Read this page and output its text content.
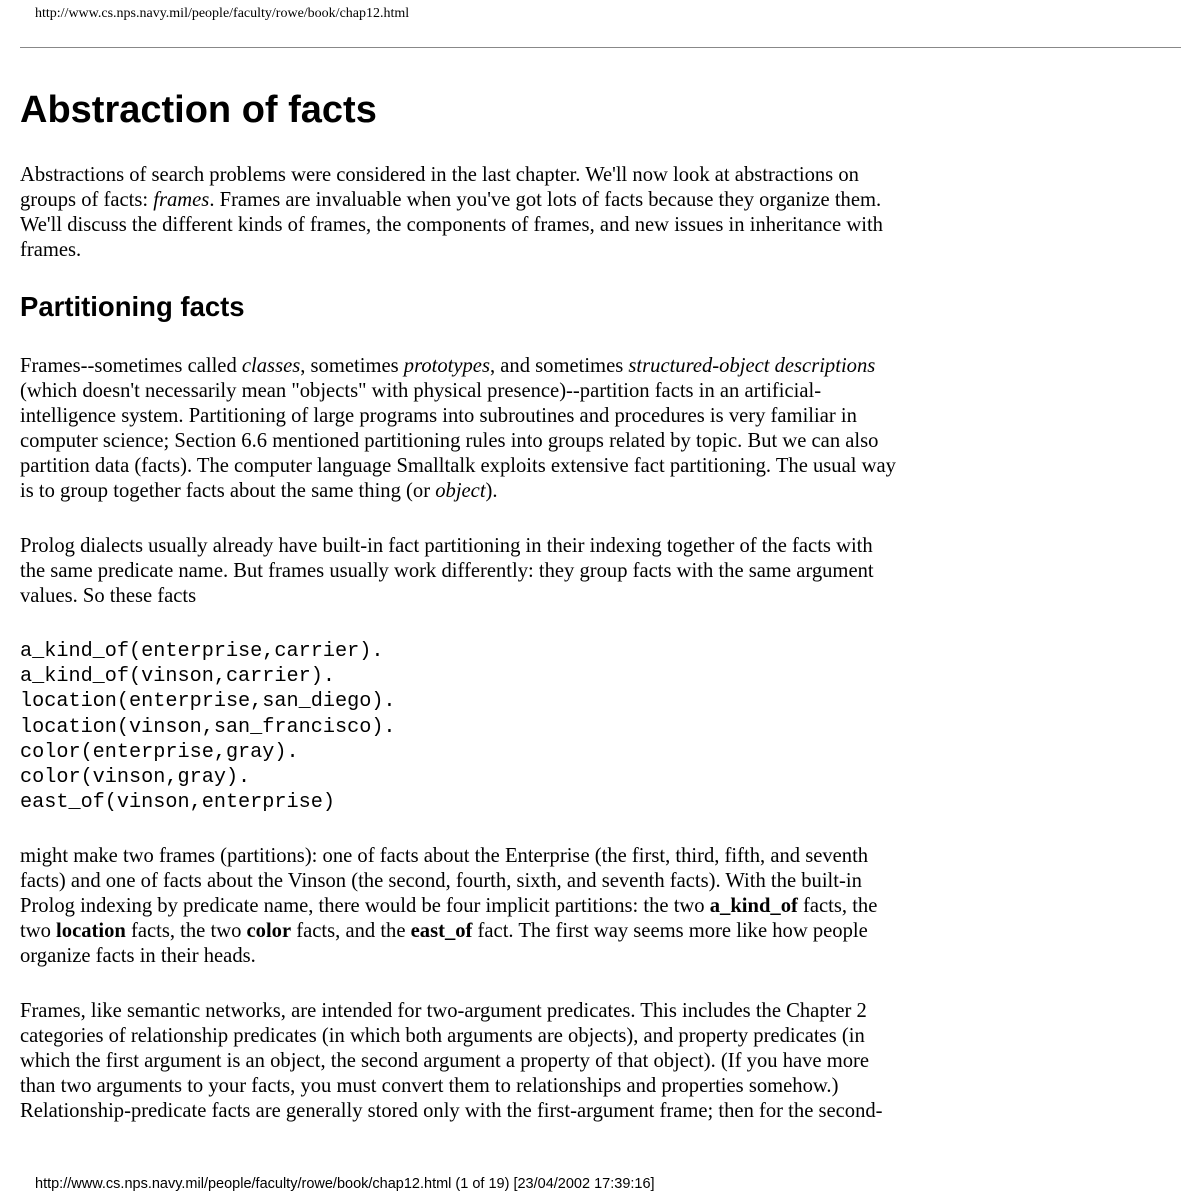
http://www.cs.nps.navy.mil/people/faculty/rowe/book/chap12.html
Abstraction of facts

Abstractions of search problems were considered in the last chapter. We'll now look at abstractions on
groups of facts: frames. Frames are invaluable when you've got lots of facts because they organize them.
We'll discuss the different kinds of frames, the components of frames, and new issues in inheritance with
frames.

Partitioning facts

Frames--sometimes called classes, sometimes prototypes, and sometimes structured-object descriptions
(which doesn't necessarily mean "objects" with physical presence)--partition facts in an artificial-
intelligence system. Partitioning of large programs into subroutines and procedures is very familiar in
computer science; Section 6.6 mentioned partitioning rules into groups related by topic. But we can also
partition data (facts). The computer language Smalltalk exploits extensive fact partitioning. The usual way
is to group together facts about the same thing (or object).

Prolog dialects usually already have built-in fact partitioning in their indexing together of the facts with
the same predicate name. But frames usually work differently: they group facts with the same argument
values. So these facts

a_kind_of(enterprise,carrier).
a_kind_of(vinson,carrier).
location(enterprise,san_diego).
location(vinson,san_francisco).
color(enterprise,gray).
color(vinson,gray).
east_of(vinson,enterprise)

might make two frames (partitions): one of facts about the Enterprise (the first, third, fifth, and seventh
facts) and one of facts about the Vinson (the second, fourth, sixth, and seventh facts). With the built-in
Prolog indexing by predicate name, there would be four implicit partitions: the two a_kind_of facts, the
two location facts, the two color facts, and the east_of fact. The first way seems more like how people
organize facts in their heads.

Frames, like semantic networks, are intended for two-argument predicates. This includes the Chapter 2
categories of relationship predicates (in which both arguments are objects), and property predicates (in
which the first argument is an object, the second argument a property of that object). (If you have more
than two arguments to your facts, you must convert them to relationships and properties somehow.)
Relationship-predicate facts are generally stored only with the first-argument frame; then for the second-

http://www.cs.nps.navy.mil/people/faculty/rowe/book/chap12.html (1 of 19) [23/04/2002 17:39:16]
